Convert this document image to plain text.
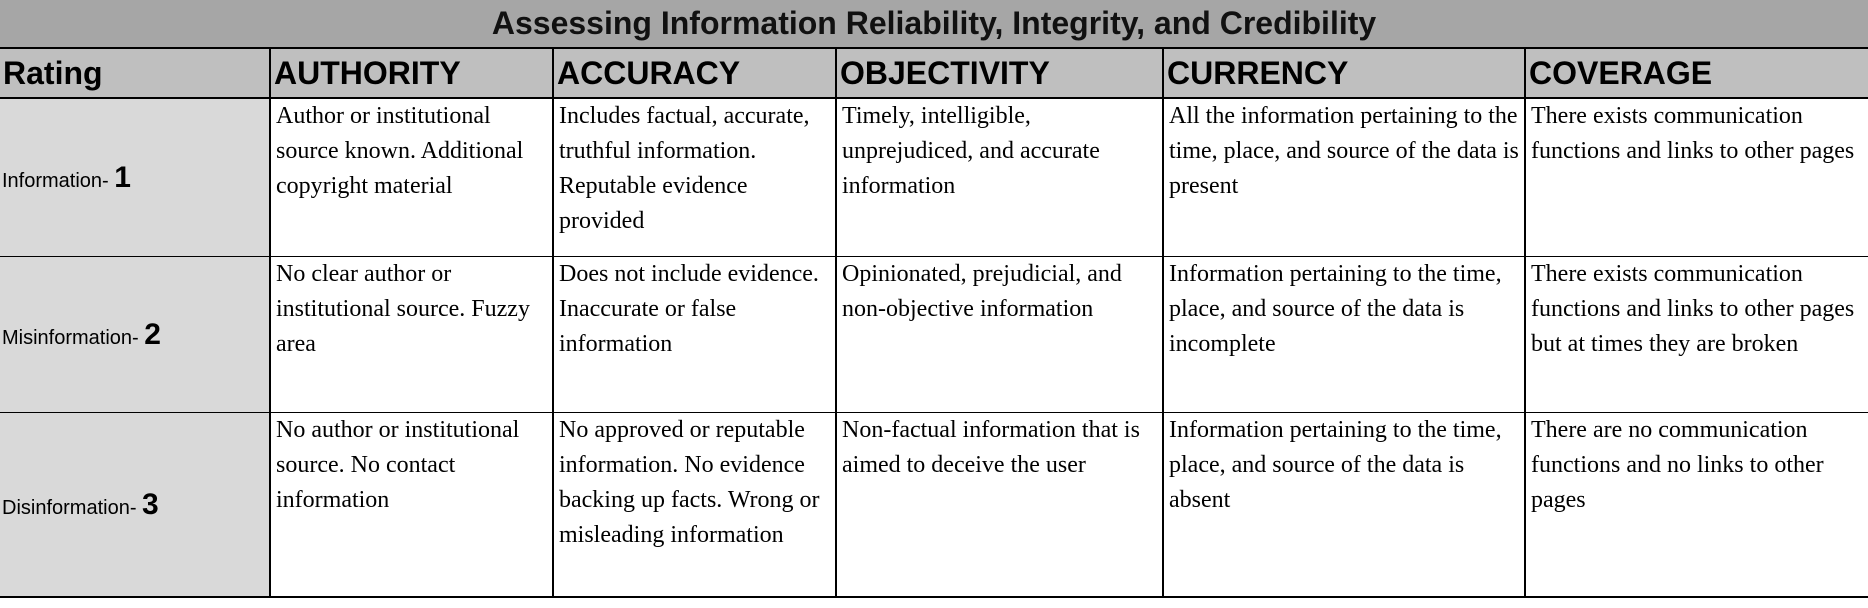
Assessing Information Reliability, Integrity, and Credibility					
Rating	AUTHORITY	ACCURACY	OBJECTIVITY	CURRENCY	COVERAGE
Information- 1	Author or institutional source known. Additional copyright material	Includes factual, accurate, truthful information. Reputable evidence provided	Timely, intelligible, unprejudiced, and accurate information	All the information pertaining to the time, place, and source of the data is present	There exists communication functions and links to other pages
Misinformation- 2	No clear author or institutional source. Fuzzy area	Does not include evidence. Inaccurate or false information	Opinionated, prejudicial, and non-objective information	Information pertaining to the time, place, and source of the data is incomplete	There exists communication functions and links to other pages but at times they are broken
Disinformation- 3	No author or institutional source. No contact information	No approved or reputable information. No evidence backing up facts. Wrong or misleading information	Non-factual information that is aimed to deceive the user	Information pertaining to the time, place, and source of the data is absent	There are no communication functions and no links to other pages
